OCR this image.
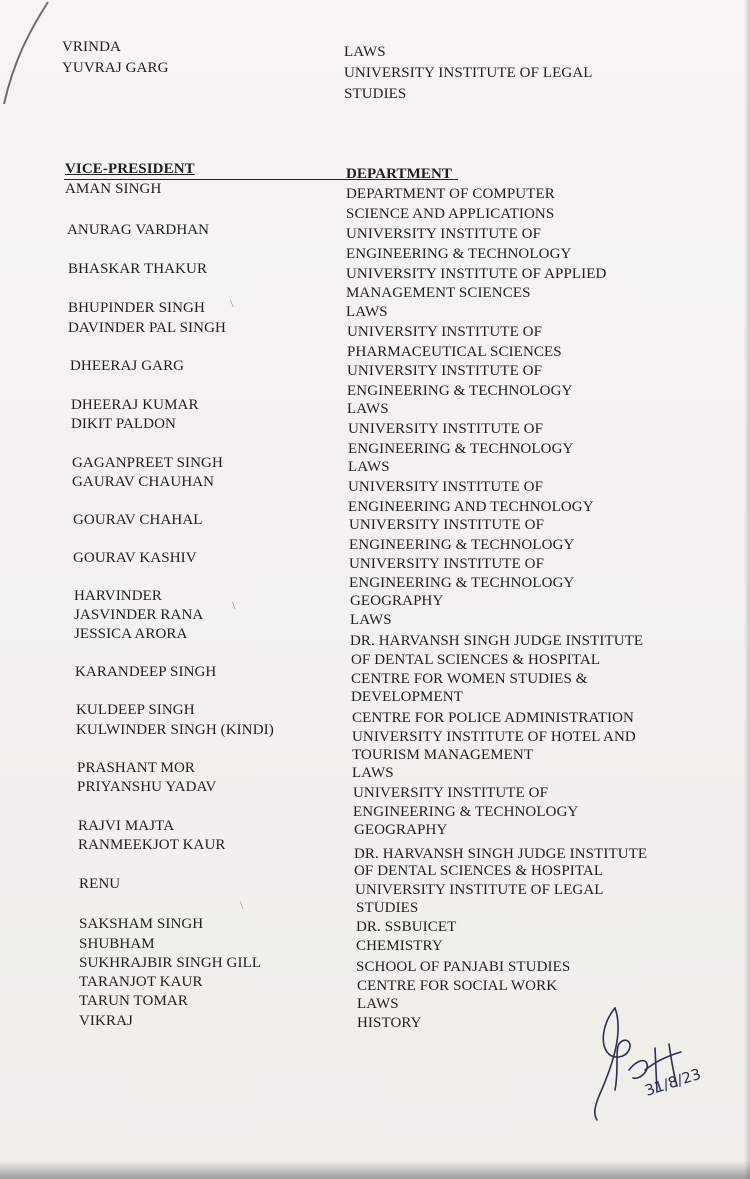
VRINDA
YUVRAJ GARG
LAWS
UNIVERSITY INSTITUTE OF LEGAL
STUDIES
VICE-PRESIDENT	DEPARTMENT
AMAN SINGH
ANURAG VARDHAN
BHASKAR THAKUR
BHUPINDER SINGH
DAVINDER PAL SINGH
DHEERAJ GARG
DHEERAJ KUMAR
DIKIT PALDON
GAGANPREET SINGH
GAURAV CHAUHAN
GOURAV CHAHAL
GOURAV KASHIV
HARVINDER
JASVINDER RANA
JESSICA ARORA
KARANDEEP SINGH
KULDEEP SINGH
KULWINDER SINGH (KINDI)
PRASHANT MOR
PRIYANSHU YADAV
RAJVI MAJTA
RANMEEKJOT KAUR
RENU
SAKSHAM SINGH
SHUBHAM
SUKHRAJBIR SINGH GILL
TARANJOT KAUR
TARUN TOMAR
VIKRAJ
DEPARTMENT OF COMPUTER
SCIENCE AND APPLICATIONS
UNIVERSITY INSTITUTE OF
ENGINEERING & TECHNOLOGY
UNIVERSITY INSTITUTE OF APPLIED
MANAGEMENT SCIENCES
LAWS
UNIVERSITY INSTITUTE OF
PHARMACEUTICAL SCIENCES
UNIVERSITY INSTITUTE OF
ENGINEERING & TECHNOLOGY
LAWS
UNIVERSITY INSTITUTE OF
ENGINEERING & TECHNOLOGY
LAWS
UNIVERSITY INSTITUTE OF
ENGINEERING AND TECHNOLOGY
UNIVERSITY INSTITUTE OF
ENGINEERING & TECHNOLOGY
UNIVERSITY INSTITUTE OF
ENGINEERING & TECHNOLOGY
GEOGRAPHY
LAWS
DR. HARVANSH SINGH JUDGE INSTITUTE
OF DENTAL SCIENCES & HOSPITAL
CENTRE FOR WOMEN STUDIES &
DEVELOPMENT
CENTRE FOR POLICE ADMINISTRATION
UNIVERSITY INSTITUTE OF HOTEL AND
TOURISM MANAGEMENT
LAWS
UNIVERSITY INSTITUTE OF
ENGINEERING & TECHNOLOGY
GEOGRAPHY
DR. HARVANSH SINGH JUDGE INSTITUTE
OF DENTAL SCIENCES & HOSPITAL
UNIVERSITY INSTITUTE OF LEGAL
STUDIES
DR. SSBUICET
CHEMISTRY
SCHOOL OF PANJABI STUDIES
CENTRE FOR SOCIAL WORK
LAWS
HISTORY
\
\
\
31/8/23
